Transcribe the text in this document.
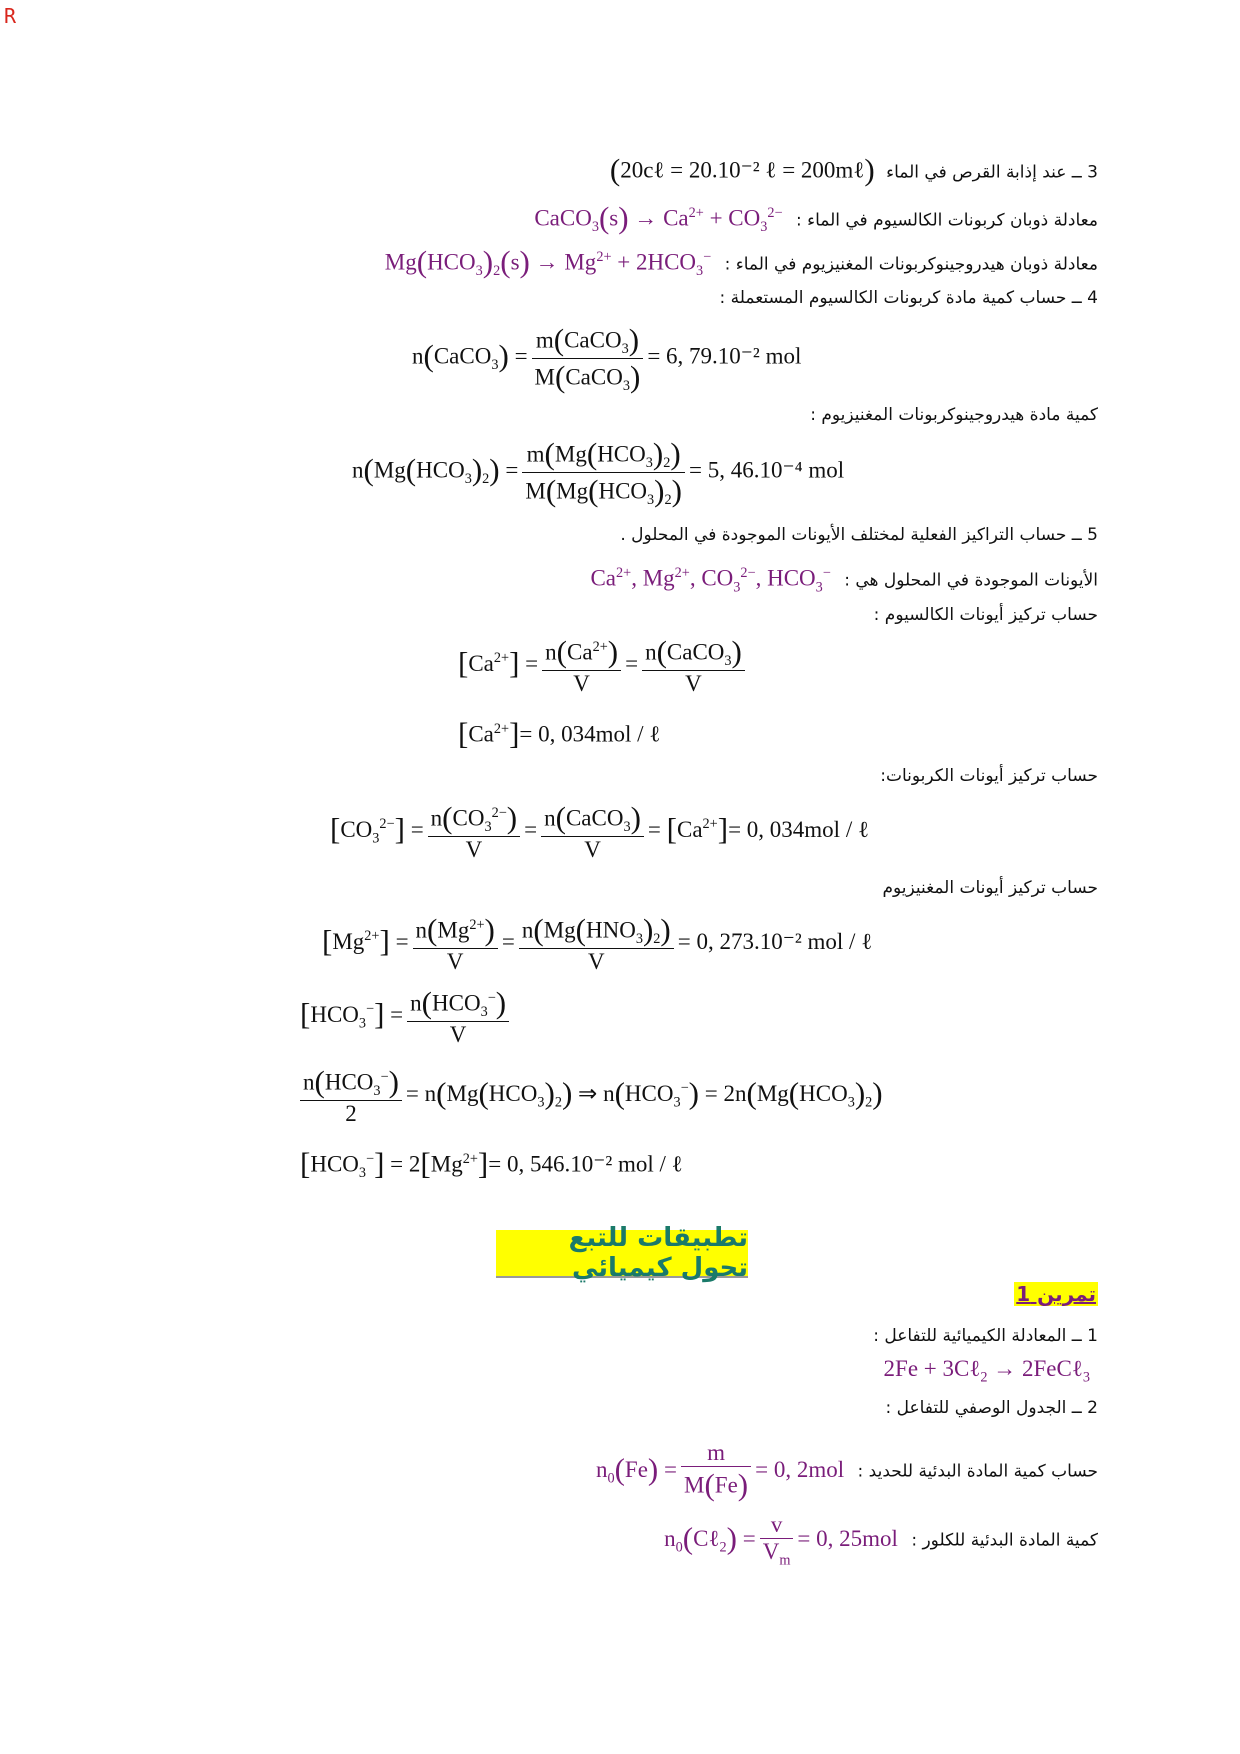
R
3 ــ عند إذابة القرص في الماء (20cℓ = 20.10⁻² ℓ = 200mℓ)
معادلة ذوبان كربونات الكالسيوم في الماء : CaCO$_3$(s) → $Ca^{2+} + CO_3^{2-}$
معادلة ذوبان هيدروجينوكربونات المغنيزيوم في الماء : $Mg(HCO_3)_2(s) \to Mg^{2+} + 2HCO_3^-$
4 ــ حساب كمية مادة كربونات الكالسيوم المستعملة :
n(CaCO$_3$) = $\frac{m(CaCO_3)}{M(CaCO_3)} = 6$, 79.10⁻² mol
كمية مادة هيدروجينوكربونات المغنيزيوم :
$n(Mg(HCO_3)_2) = \frac{m(Mg(HCO_3)_2)}{M(Mg(HCO_3)_2)} = 5$, 46.10⁻⁴ mol
5 ــ حساب التراكيز الفعلية لمختلف الأيونات الموجودة في المحلول .
الأيونات الموجودة في المحلول هي : $Ca^{2+}$, $Mg^{2+}$, $CO_3^{2-}$, $HCO_3^-$
حساب تركيز أيونات الكالسيوم :
$[Ca^{2+}] = \frac{n(Ca^{2+})}{V} = \frac{n(CaCO_3)}{V}$
$[Ca^{2+}]= 0$, 034mol / ℓ
حساب تركيز أيونات الكربونات:
$[CO_3^{2-}] = \frac{n(CO_3^{2-})}{V} = \frac{n(CaCO_3)}{V} = [Ca^{2+}]= 0$, 034mol / ℓ
حساب تركيز أيونات المغنيزيوم
$[Mg^{2+}] = \frac{n(Mg^{2+})}{V} = \frac{n(Mg(HNO_3)_2)}{V} = 0$, 273.10⁻² mol / ℓ
$[HCO_3^-] = \frac{n(HCO_3^-)}{V}$
$\frac{n(HCO_3^-)}{2} = n(Mg(HCO_3)_2)$ ⇒ $n(HCO_3^-) = 2n(Mg(HCO_3)_2)$
$[HCO_3^-] = 2[Mg^{2+}]= 0$, 546.10⁻² mol / ℓ
تطبيقات للتبع تحول كيميائي
تمرين 1
1 ــ المعادلة الكيميائية للتفاعل :
2Fe + 3Cℓ$_2$ → 2FeCℓ$_3$
2 ــ الجدول الوصفي للتفاعل :
حساب كمية المادة البدئية للحديد : $n_0(Fe) = \frac{m}{M(Fe)} = 0$, 2mol
كمية المادة البدئية للكلور : $n_0(C\ell_2) = \frac{v}{V_m} = 0$, 25mol
